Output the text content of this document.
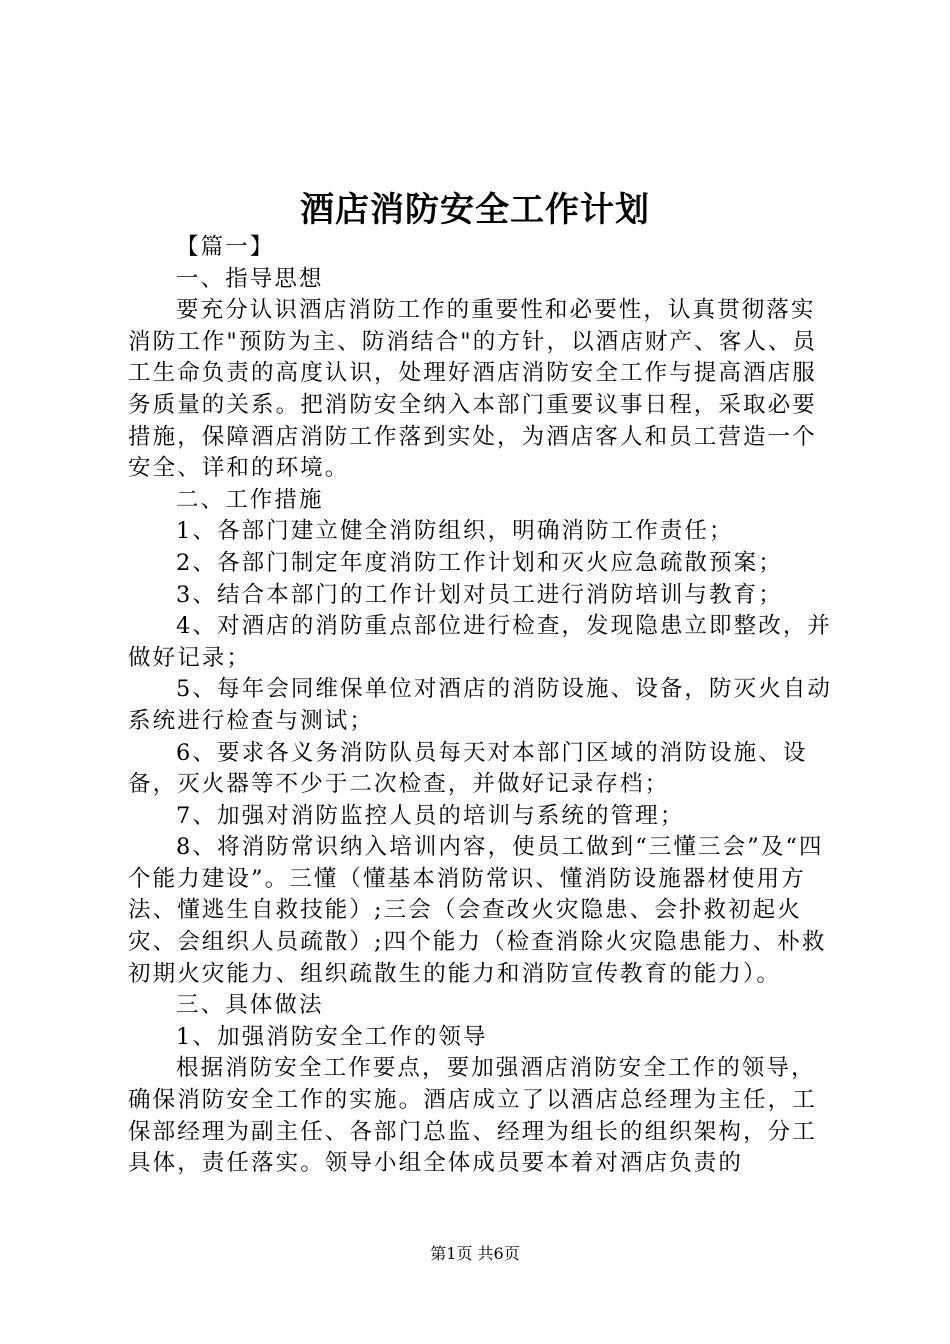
酒店消防安全工作计划

【篇一】

一、指导思想

要充分认识酒店消防工作的重要性和必要性，认真贯彻落实消防工作"预防为主、防消结合"的方针，以酒店财产、客人、员工生命负责的高度认识，处理好酒店消防安全工作与提高酒店服务质量的关系。把消防安全纳入本部门重要议事日程，采取必要措施，保障酒店消防工作落到实处，为酒店客人和员工营造一个安全、详和的环境。

二、工作措施

1、各部门建立健全消防组织，明确消防工作责任；

2、各部门制定年度消防工作计划和灭火应急疏散预案；

3、结合本部门的工作计划对员工进行消防培训与教育；

4、对酒店的消防重点部位进行检查，发现隐患立即整改，并做好记录；

5、每年会同维保单位对酒店的消防设施、设备，防灭火自动系统进行检查与测试；

6、要求各义务消防队员每天对本部门区域的消防设施、设备，灭火器等不少于二次检查，并做好记录存档；

7、加强对消防监控人员的培训与系统的管理；

8、将消防常识纳入培训内容，使员工做到“三懂三会”及“四个能力建设”。三懂（懂基本消防常识、懂消防设施器材使用方法、懂逃生自救技能）;三会（会查改火灾隐患、会扑救初起火灾、会组织人员疏散）;四个能力（检查消除火灾隐患能力、朴救初期火灾能力、组织疏散生的能力和消防宣传教育的能力）。

三、具体做法

1、加强消防安全工作的领导

根据消防安全工作要点，要加强酒店消防安全工作的领导，确保消防安全工作的实施。酒店成立了以酒店总经理为主任，工保部经理为副主任、各部门总监、经理为组长的组织架构，分工具体，责任落实。领导小组全体成员要本着对酒店负责的

第1页 共6页
